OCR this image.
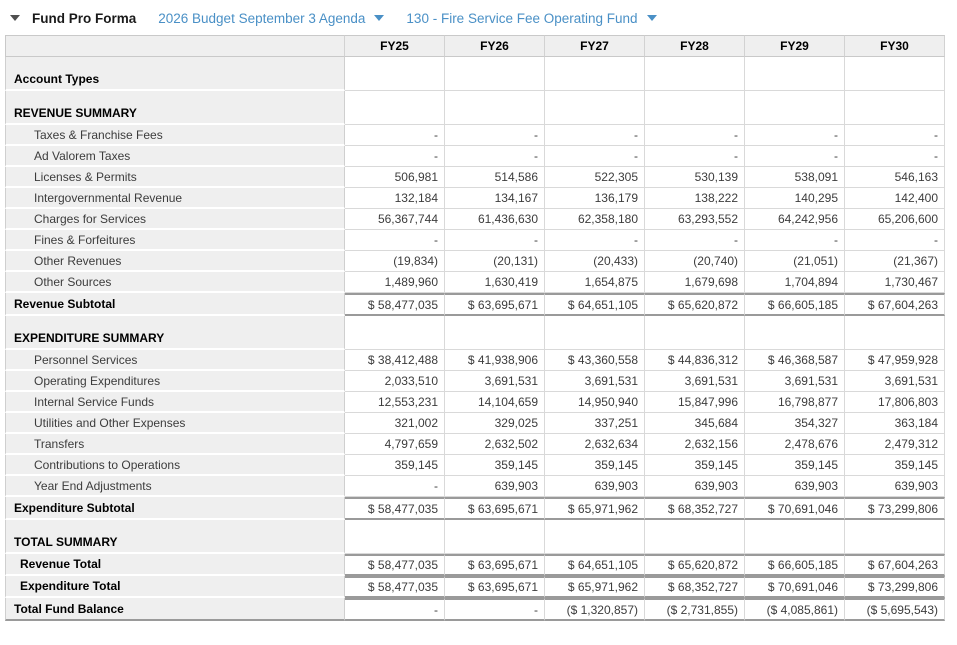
Fund Pro Forma 2026 Budget September 3 Agenda	130 - Fire Service Fee Operating Fund
	FY25	FY26	FY27	FY28	FY29	FY30
Account Types						
REVENUE SUMMARY						
Taxes & Franchise Fees	-	-	-	-	-	-
Ad Valorem Taxes	-	-	-	-	-	-
Licenses & Permits	506,981	514,586	522,305	530,139	538,091	546,163
Intergovernmental Revenue	132,184	134,167	136,179	138,222	140,295	142,400
Charges for Services	56,367,744	61,436,630	62,358,180	63,293,552	64,242,956	65,206,600
Fines & Forfeitures	-	-	-	-	-	-
Other Revenues	(19,834)	(20,131)	(20,433)	(20,740)	(21,051)	(21,367)
Other Sources	1,489,960	1,630,419	1,654,875	1,679,698	1,704,894	1,730,467
Revenue Subtotal	$ 58,477,035	$ 63,695,671	$ 64,651,105	$ 65,620,872	$ 66,605,185	$ 67,604,263
EXPENDITURE SUMMARY						
Personnel Services	$ 38,412,488	$ 41,938,906	$ 43,360,558	$ 44,836,312	$ 46,368,587	$ 47,959,928
Operating Expenditures	2,033,510	3,691,531	3,691,531	3,691,531	3,691,531	3,691,531
Internal Service Funds	12,553,231	14,104,659	14,950,940	15,847,996	16,798,877	17,806,803
Utilities and Other Expenses	321,002	329,025	337,251	345,684	354,327	363,184
Transfers	4,797,659	2,632,502	2,632,634	2,632,156	2,478,676	2,479,312
Contributions to Operations	359,145	359,145	359,145	359,145	359,145	359,145
Year End Adjustments	-	639,903	639,903	639,903	639,903	639,903
Expenditure Subtotal	$ 58,477,035	$ 63,695,671	$ 65,971,962	$ 68,352,727	$ 70,691,046	$ 73,299,806
TOTAL SUMMARY						
Revenue Total	$ 58,477,035	$ 63,695,671	$ 64,651,105	$ 65,620,872	$ 66,605,185	$ 67,604,263
Expenditure Total	$ 58,477,035	$ 63,695,671	$ 65,971,962	$ 68,352,727	$ 70,691,046	$ 73,299,806
Total Fund Balance	-	-	($ 1,320,857)	($ 2,731,855)	($ 4,085,861)	($ 5,695,543)
